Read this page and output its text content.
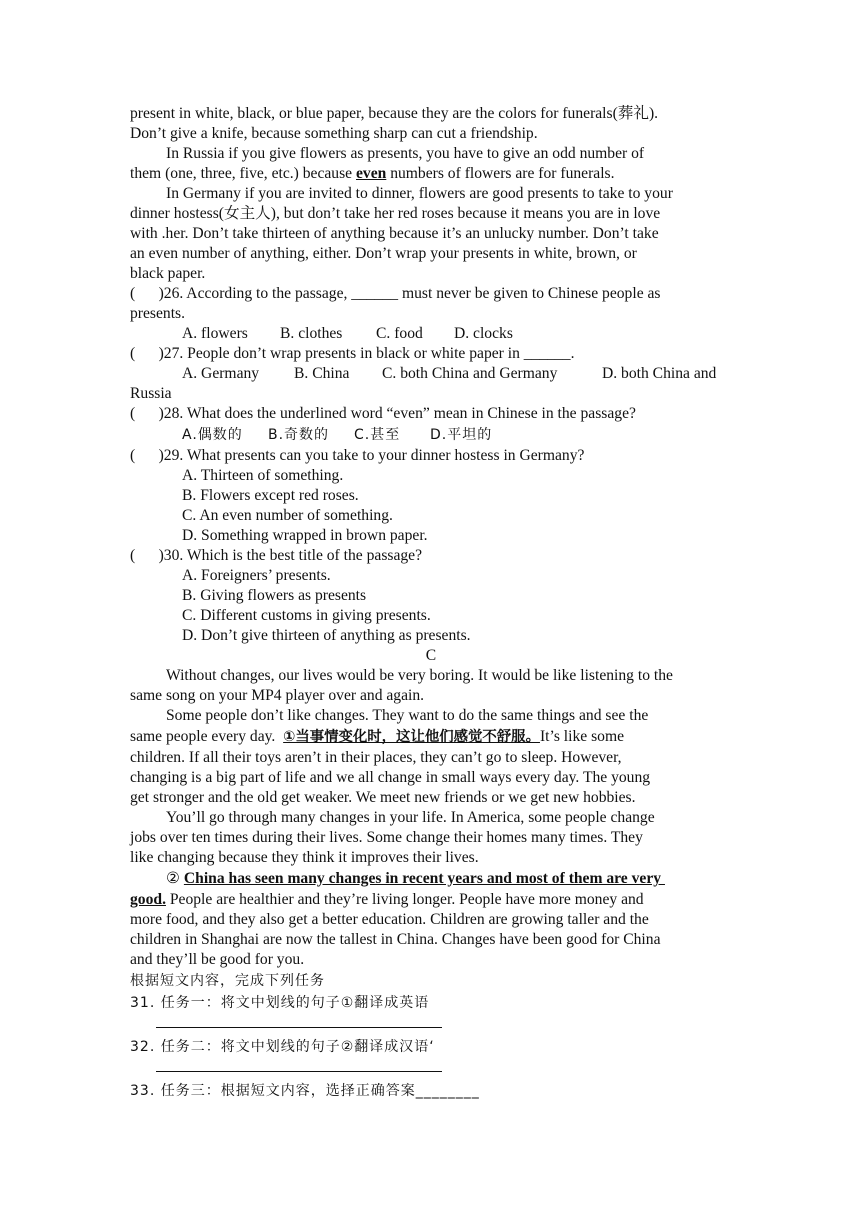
present in white, black, or blue paper, because they are the colors for funerals(葬礼).
Don’t give a knife, because something sharp can cut a friendship.
In Russia if you give flowers as presents, you have to give an odd number of
them (one, three, five, etc.) because even numbers of flowers are for funerals.
In Germany if you are invited to dinner, flowers are good presents to take to your
dinner hostess(女主人), but don’t take her red roses because it means you are in love
with .her. Don’t take thirteen of anything because it’s an unlucky number. Don’t take
an even number of anything, either. Don’t wrap your presents in white, brown, or
black paper.
(      )26. According to the passage, ______ must never be given to Chinese people as
presents.
A. flowers B. clothes C. food D. clocks
(      )27. People don’t wrap presents in black or white paper in ______.
A. Germany B. China C. both China and Germany	D. both China and
Russia
(      )28. What does the underlined word “even” mean in Chinese in the passage?
A.偶数的 B.奇数的 C.甚至 D.平坦的
(      )29. What presents can you take to your dinner hostess in Germany?
A. Thirteen of something.
B. Flowers except red roses.
C. An even number of something.
D. Something wrapped in brown paper.
(      )30. Which is the best title of the passage?
A. Foreigners’ presents.
B. Giving flowers as presents
C. Different customs in giving presents.
D. Don’t give thirteen of anything as presents.
C
Without changes, our lives would be very boring. It would be like listening to the
same song on your MP4 player over and again.
Some people don’t like changes. They want to do the same things and see the
same people every day.  ①当事情变化时，这让他们感觉不舒服。It’s like some
children. If all their toys aren’t in their places, they can’t go to sleep. However,
changing is a big part of life and we all change in small ways every day. The young
get stronger and the old get weaker. We meet new friends or we get new hobbies.
You’ll go through many changes in your life. In America, some people change
jobs over ten times during their lives. Some change their homes many times. They
like changing because they think it improves their lives.
② China has seen many changes in recent years and most of them are very
good. People are healthier and they’re living longer. People have more money and
more food, and they also get a better education. Children are growing taller and the
children in Shanghai are now the tallest in China. Changes have been good for China
and they’ll be good for you.
根据短文内容，完成下列任务
31. 任务一：将文中划线的句子①翻译成英语
32. 任务二：将文中划线的句子②翻译成汉语‘
33. 任务三：根据短文内容，选择正确答案________
